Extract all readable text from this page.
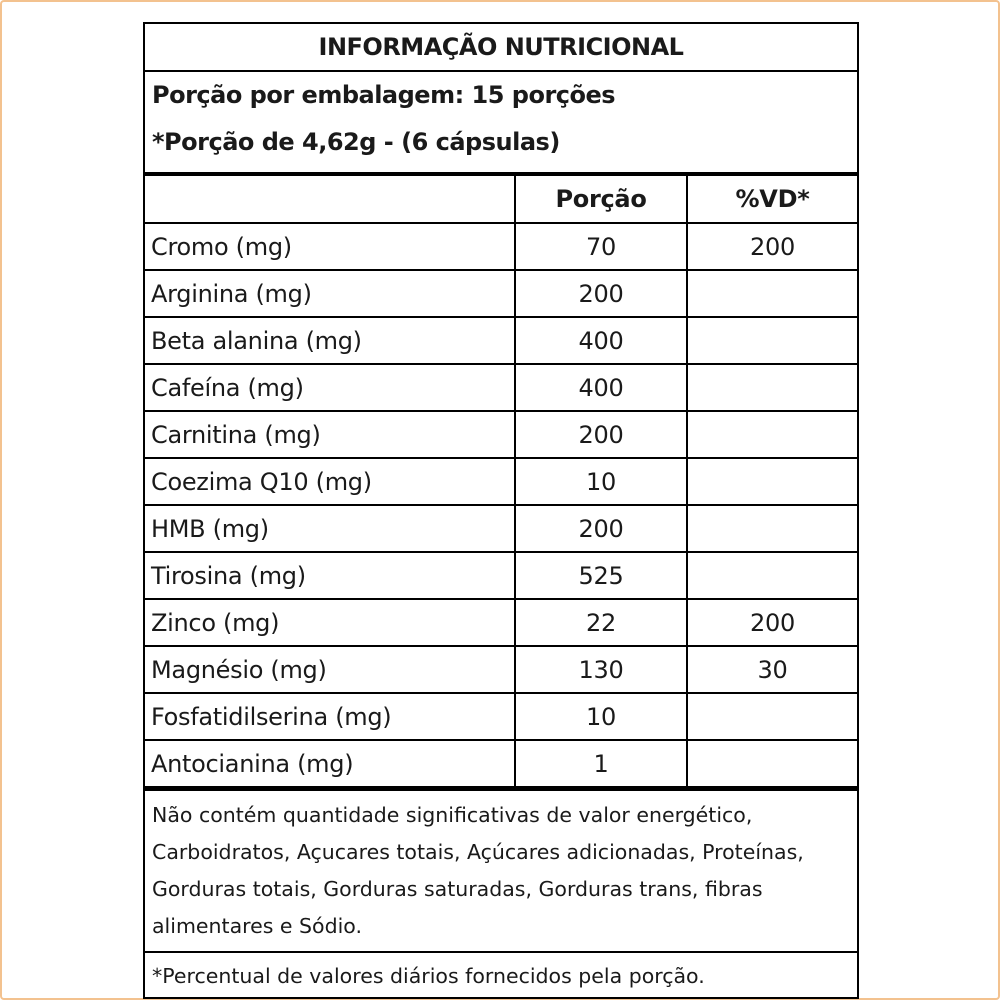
INFORMAÇÃO NUTRICIONAL
Porção por embalagem: 15 porções
*Porção de 4,62g - (6 cápsulas)
	Porção	%VD*
Cromo (mg)	70	200
Arginina (mg)	200	
Beta alanina (mg)	400	
Cafeína (mg)	400	
Carnitina (mg)	200	
Coezima Q10 (mg)	10	
HMB (mg)	200	
Tirosina (mg)	525	
Zinco (mg)	22	200
Magnésio (mg)	130	30
Fosfatidilserina (mg)	10	
Antocianina (mg)	1	

Não contém quantidade significativas de valor energético, Carboidratos, Açucares totais, Açúcares adicionadas, Proteínas, Gorduras totais, Gorduras saturadas, Gorduras trans, fibras alimentares e Sódio.

*Percentual de valores diários fornecidos pela porção.
